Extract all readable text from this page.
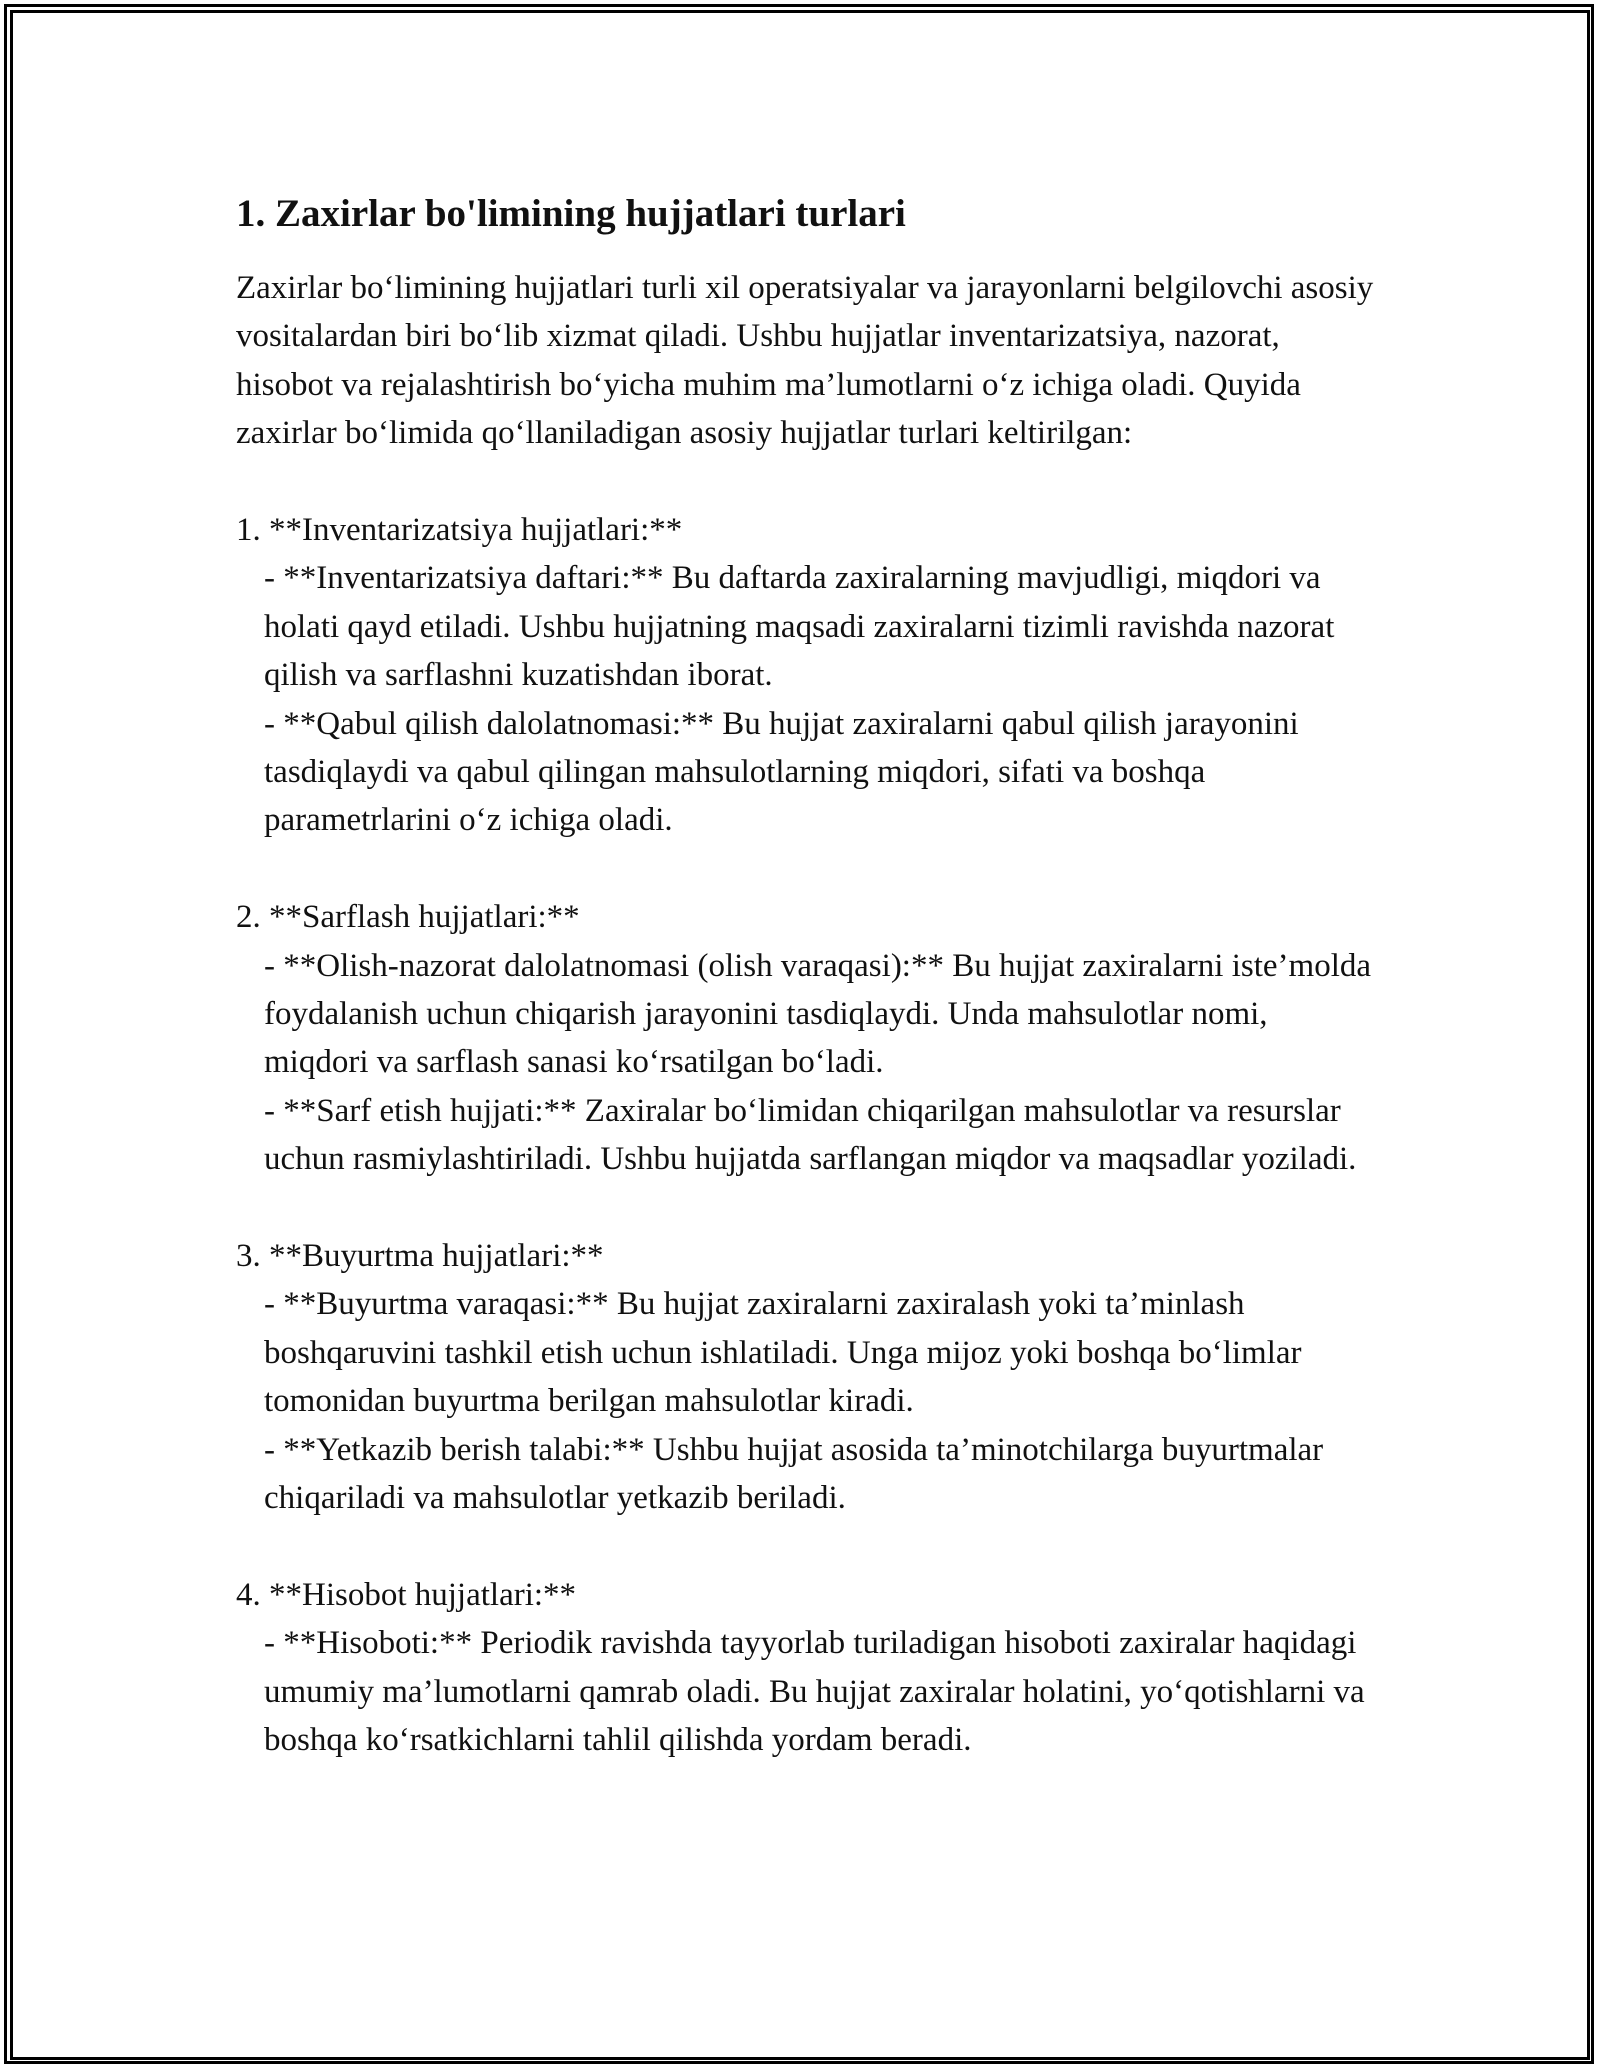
1. Zaxirlar bo'limining hujjatlari turlari

Zaxirlar bo‘limining hujjatlari turli xil operatsiyalar va jarayonlarni belgilovchi asosiy vositalardan biri bo‘lib xizmat qiladi. Ushbu hujjatlar inventarizatsiya, nazorat, hisobot va rejalashtirish bo‘yicha muhim ma’lumotlarni o‘z ichiga oladi. Quyida zaxirlar bo‘limida qo‘llaniladigan asosiy hujjatlar turlari keltirilgan:

1. **Inventarizatsiya hujjatlari:**
- **Inventarizatsiya daftari:** Bu daftarda zaxiralarning mavjudligi, miqdori va holati qayd etiladi. Ushbu hujjatning maqsadi zaxiralarni tizimli ravishda nazorat qilish va sarflashni kuzatishdan iborat.
- **Qabul qilish dalolatnomasi:** Bu hujjat zaxiralarni qabul qilish jarayonini tasdiqlaydi va qabul qilingan mahsulotlarning miqdori, sifati va boshqa parametrlarini o‘z ichiga oladi.
2. **Sarflash hujjatlari:**
- **Olish-nazorat dalolatnomasi (olish varaqasi):** Bu hujjat zaxiralarni iste’molda foydalanish uchun chiqarish jarayonini tasdiqlaydi. Unda mahsulotlar nomi, miqdori va sarflash sanasi ko‘rsatilgan bo‘ladi.
- **Sarf etish hujjati:** Zaxiralar bo‘limidan chiqarilgan mahsulotlar va resurslar uchun rasmiylashtiriladi. Ushbu hujjatda sarflangan miqdor va maqsadlar yoziladi.
3. **Buyurtma hujjatlari:**
- **Buyurtma varaqasi:** Bu hujjat zaxiralarni zaxiralash yoki ta’minlash boshqaruvini tashkil etish uchun ishlatiladi. Unga mijoz yoki boshqa bo‘limlar tomonidan buyurtma berilgan mahsulotlar kiradi.
- **Yetkazib berish talabi:** Ushbu hujjat asosida ta’minotchilarga buyurtmalar chiqariladi va mahsulotlar yetkazib beriladi.
4. **Hisobot hujjatlari:**
- **Hisoboti:** Periodik ravishda tayyorlab turiladigan hisoboti zaxiralar haqidagi umumiy ma’lumotlarni qamrab oladi. Bu hujjat zaxiralar holatini, yo‘qotishlarni va boshqa ko‘rsatkichlarni tahlil qilishda yordam beradi.
